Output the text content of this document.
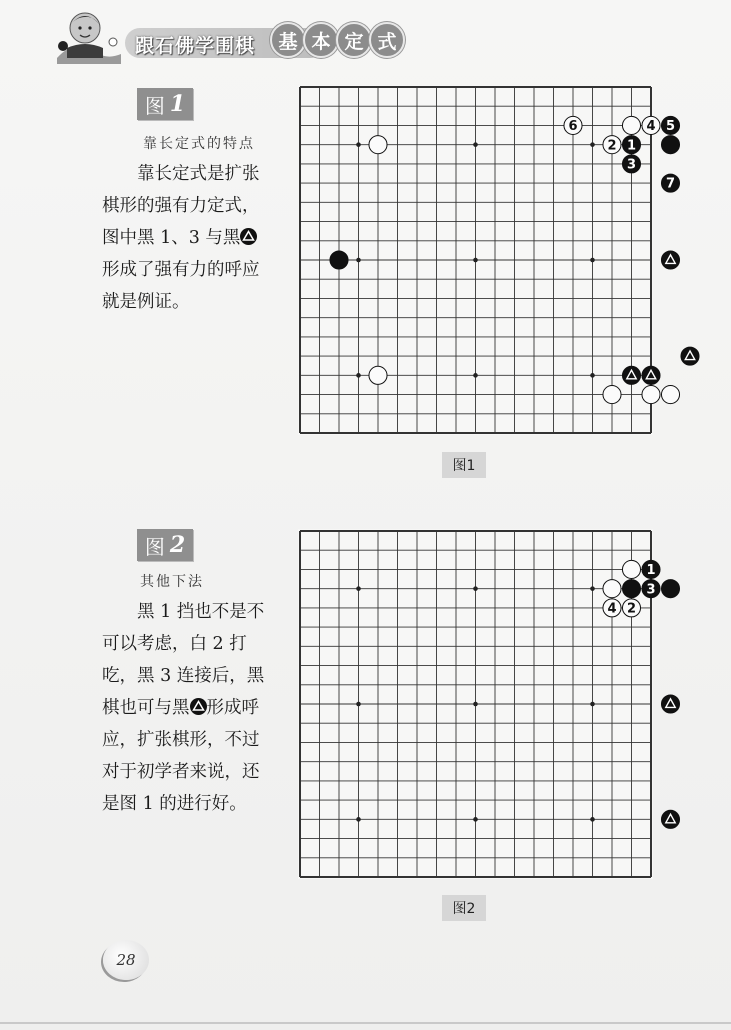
跟石佛学围棋	基 本 定 式
图 1
靠长定式的特点

　　靠长定式是扩张

棋形的强有力定式，

图中黑 1、3 与黑

形成了强有力的呼应

就是例证。

6
2 1
3
4 5
7
图1
图 2
其他下法

　　黑 1 挡也不是不

可以考虑，白 2 打

吃，黑 3 连接后，黑

棋也可与黑 形成呼

应，扩张棋形，不过

对于初学者来说，还

是图 1 的进行好。

1
3
4 2
图2
28
